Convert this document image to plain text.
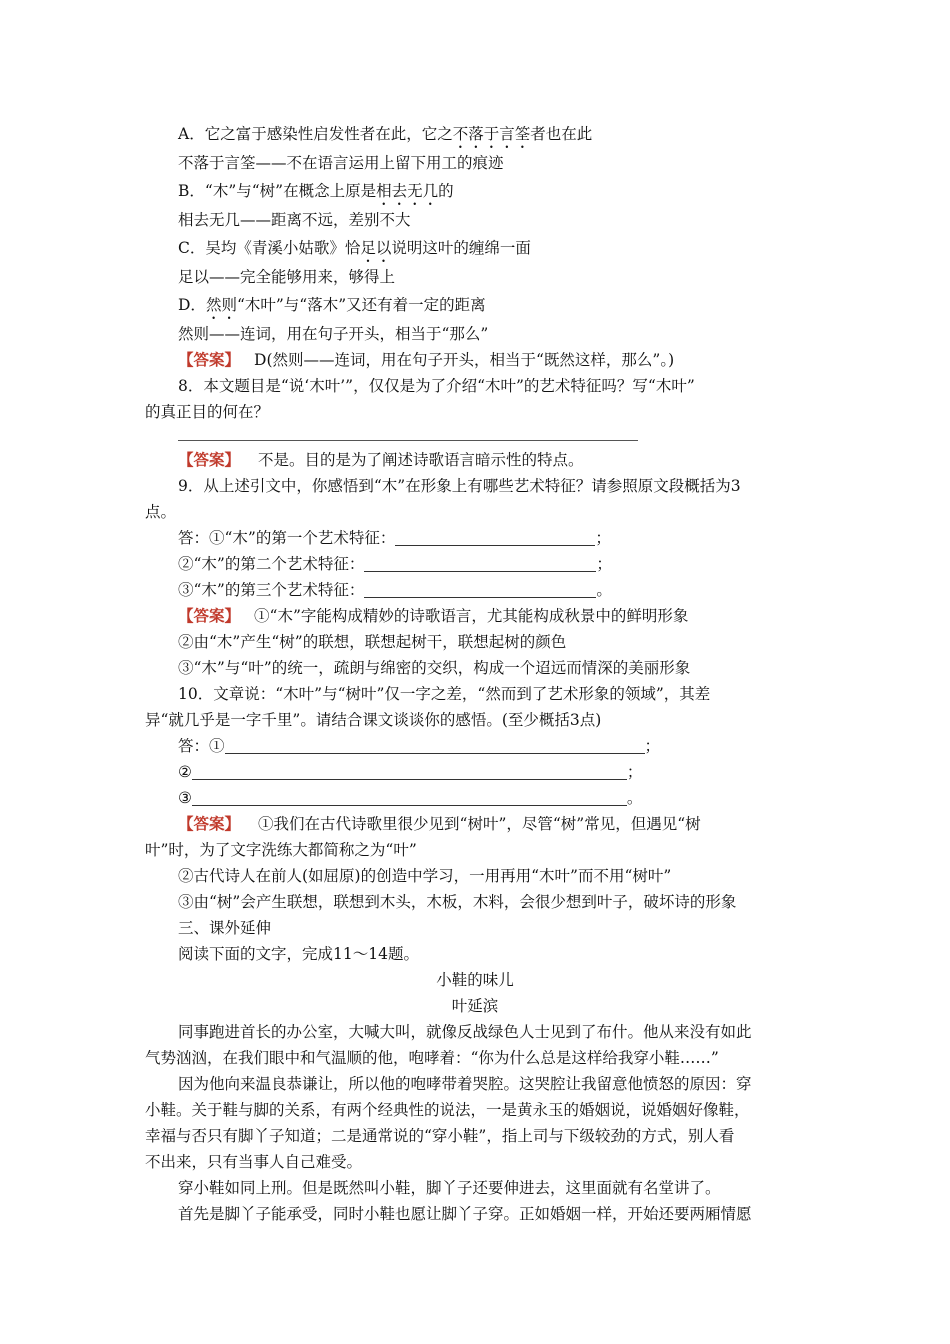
A．它之富于感染性启发性者在此，它之不落于言筌者也在此
不落于言筌——不在语言运用上留下用工的痕迹
B．“木”与“树”在概念上原是相去无几的
相去无几——距离不远，差别不大
C．吴均《青溪小姑歌》恰足以说明这叶的缠绵一面
足以——完全能够用来，够得上
D．然则“木叶”与“落木”又还有着一定的距离
然则——连词，用在句子开头，相当于“那么”
【答案】 D(然则——连词，用在句子开头，相当于“既然这样，那么”。)
8．本文题目是“说‘木叶’”，仅仅是为了介绍“木叶”的艺术特征吗？写“木叶”
的真正目的何在？
【答案】 不是。目的是为了阐述诗歌语言暗示性的特点。
9．从上述引文中，你感悟到“木”在形象上有哪些艺术特征？请参照原文段概括为3
点。
答：①“木”的第一个艺术特征：	；
②“木”的第二个艺术特征：	；
③“木”的第三个艺术特征：	。
【答案】 ①“木”字能构成精妙的诗歌语言，尤其能构成秋景中的鲜明形象
②由“木”产生“树”的联想，联想起树干，联想起树的颜色
③“木”与“叶”的统一，疏朗与绵密的交织，构成一个迢远而情深的美丽形象
10．文章说：“木叶”与“树叶”仅一字之差，“然而到了艺术形象的领域”，其差
异“就几乎是一字千里”。请结合课文谈谈你的感悟。(至少概括3点)
答：①	；
②	；
③	。
【答案】 ①我们在古代诗歌里很少见到“树叶”，尽管“树”常见，但遇见“树
叶”时，为了文字洗练大都简称之为“叶”
②古代诗人在前人(如屈原)的创造中学习，一用再用“木叶”而不用“树叶”
③由“树”会产生联想，联想到木头，木板，木料，会很少想到叶子，破坏诗的形象
三、课外延伸
阅读下面的文字，完成11～14题。
小鞋的味儿
叶延滨
同事跑进首长的办公室，大喊大叫，就像反战绿色人士见到了布什。他从来没有如此
气势汹汹，在我们眼中和气温顺的他，咆哮着：“你为什么总是这样给我穿小鞋……”
因为他向来温良恭谦让，所以他的咆哮带着哭腔。这哭腔让我留意他愤怒的原因：穿
小鞋。关于鞋与脚的关系，有两个经典性的说法，一是黄永玉的婚姻说，说婚姻好像鞋，
幸福与否只有脚丫子知道；二是通常说的“穿小鞋”，指上司与下级较劲的方式，别人看
不出来，只有当事人自己难受。
穿小鞋如同上刑。但是既然叫小鞋，脚丫子还要伸进去，这里面就有名堂讲了。
首先是脚丫子能承受，同时小鞋也愿让脚丫子穿。正如婚姻一样，开始还要两厢情愿
